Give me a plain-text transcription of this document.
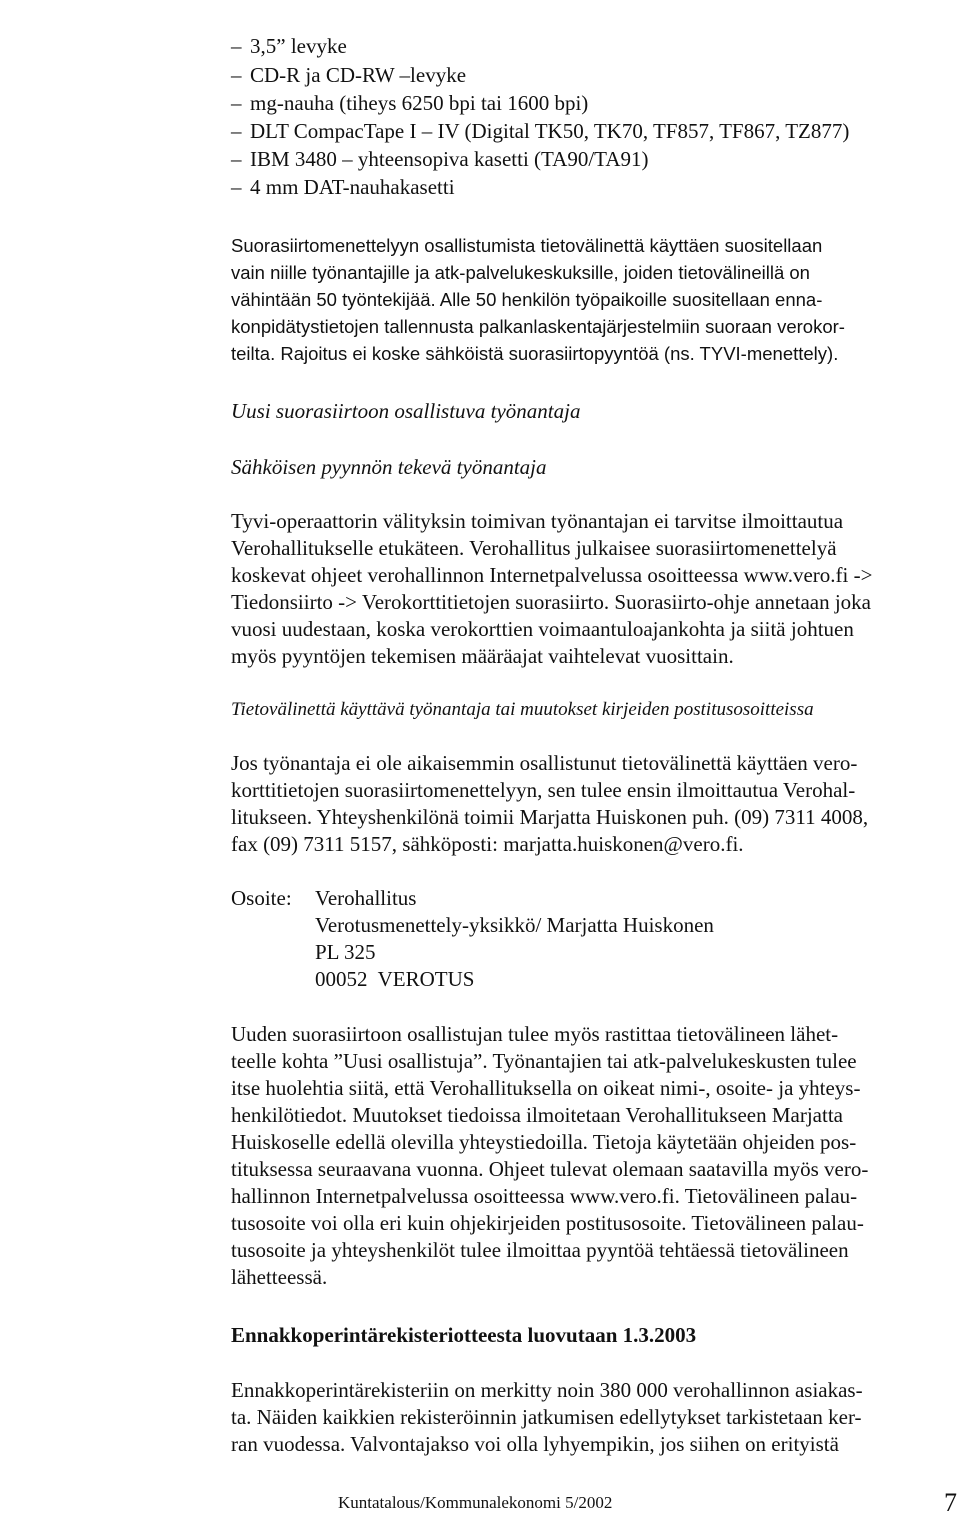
– 3,5” levyke
– CD-R ja CD-RW –levyke
– mg-nauha (tiheys 6250 bpi tai 1600 bpi)
– DLT CompacTape I – IV (Digital TK50, TK70, TF857, TF867, TZ877)
– IBM 3480 – yhteensopiva kasetti (TA90/TA91)
– 4 mm DAT-nauhakasetti
Suorasiirtomenettelyyn osallistumista tietovälinettä käyttäen suositellaan
vain niille työnantajille ja atk-palvelukeskuksille, joiden tietovälineillä on
vähintään 50 työntekijää. Alle 50 henkilön työpaikoille suositellaan enna-
konpidätystietojen tallennusta palkanlaskentajärjestelmiin suoraan verokor-
teilta. Rajoitus ei koske sähköistä suorasiirtopyyntöä (ns. TYVI-menettely).
Uusi suorasiirtoon osallistuva työnantaja
Sähköisen pyynnön tekevä työnantaja
Tyvi-operaattorin välityksin toimivan työnantajan ei tarvitse ilmoittautua
Verohallitukselle etukäteen. Verohallitus julkaisee suorasiirtomenettelyä
koskevat ohjeet verohallinnon Internetpalvelussa osoitteessa www.vero.fi ->
Tiedonsiirto -> Verokorttitietojen suorasiirto. Suorasiirto-ohje annetaan joka
vuosi uudestaan, koska verokorttien voimaantuloajankohta ja siitä johtuen
myös pyyntöjen tekemisen määräajat vaihtelevat vuosittain.
Tietovälinettä käyttävä työnantaja tai muutokset kirjeiden postitusosoitteissa
Jos työnantaja ei ole aikaisemmin osallistunut tietovälinettä käyttäen vero-
korttitietojen suorasiirtomenettelyyn, sen tulee ensin ilmoittautua Verohal-
litukseen. Yhteyshenkilönä toimii Marjatta Huiskonen puh. (09) 7311 4008,
fax (09) 7311 5157, sähköposti: marjatta.huiskonen@vero.fi.
Osoite: Verohallitus
Verotusmenettely-yksikkö/ Marjatta Huiskonen
PL 325
00052  VEROTUS
Uuden suorasiirtoon osallistujan tulee myös rastittaa tietovälineen lähet-
teelle kohta ”Uusi osallistuja”. Työnantajien tai atk-palvelukeskusten tulee
itse huolehtia siitä, että Verohallituksella on oikeat nimi-, osoite- ja yhteys-
henkilötiedot. Muutokset tiedoissa ilmoitetaan Verohallitukseen Marjatta
Huiskoselle edellä olevilla yhteystiedoilla. Tietoja käytetään ohjeiden pos-
tituksessa seuraavana vuonna. Ohjeet tulevat olemaan saatavilla myös vero-
hallinnon Internetpalvelussa osoitteessa www.vero.fi. Tietovälineen palau-
tusosoite voi olla eri kuin ohjekirjeiden postitusosoite. Tietovälineen palau-
tusosoite ja yhteyshenkilöt tulee ilmoittaa pyyntöä tehtäessä tietovälineen
lähetteessä.
Ennakkoperintärekisteriotteesta luovutaan 1.3.2003
Ennakkoperintärekisteriin on merkitty noin 380 000 verohallinnon asiakas-
ta. Näiden kaikkien rekisteröinnin jatkumisen edellytykset tarkistetaan ker-
ran vuodessa. Valvontajakso voi olla lyhyempikin, jos siihen on erityistä
Kuntatalous/Kommunalekonomi 5/2002	7
